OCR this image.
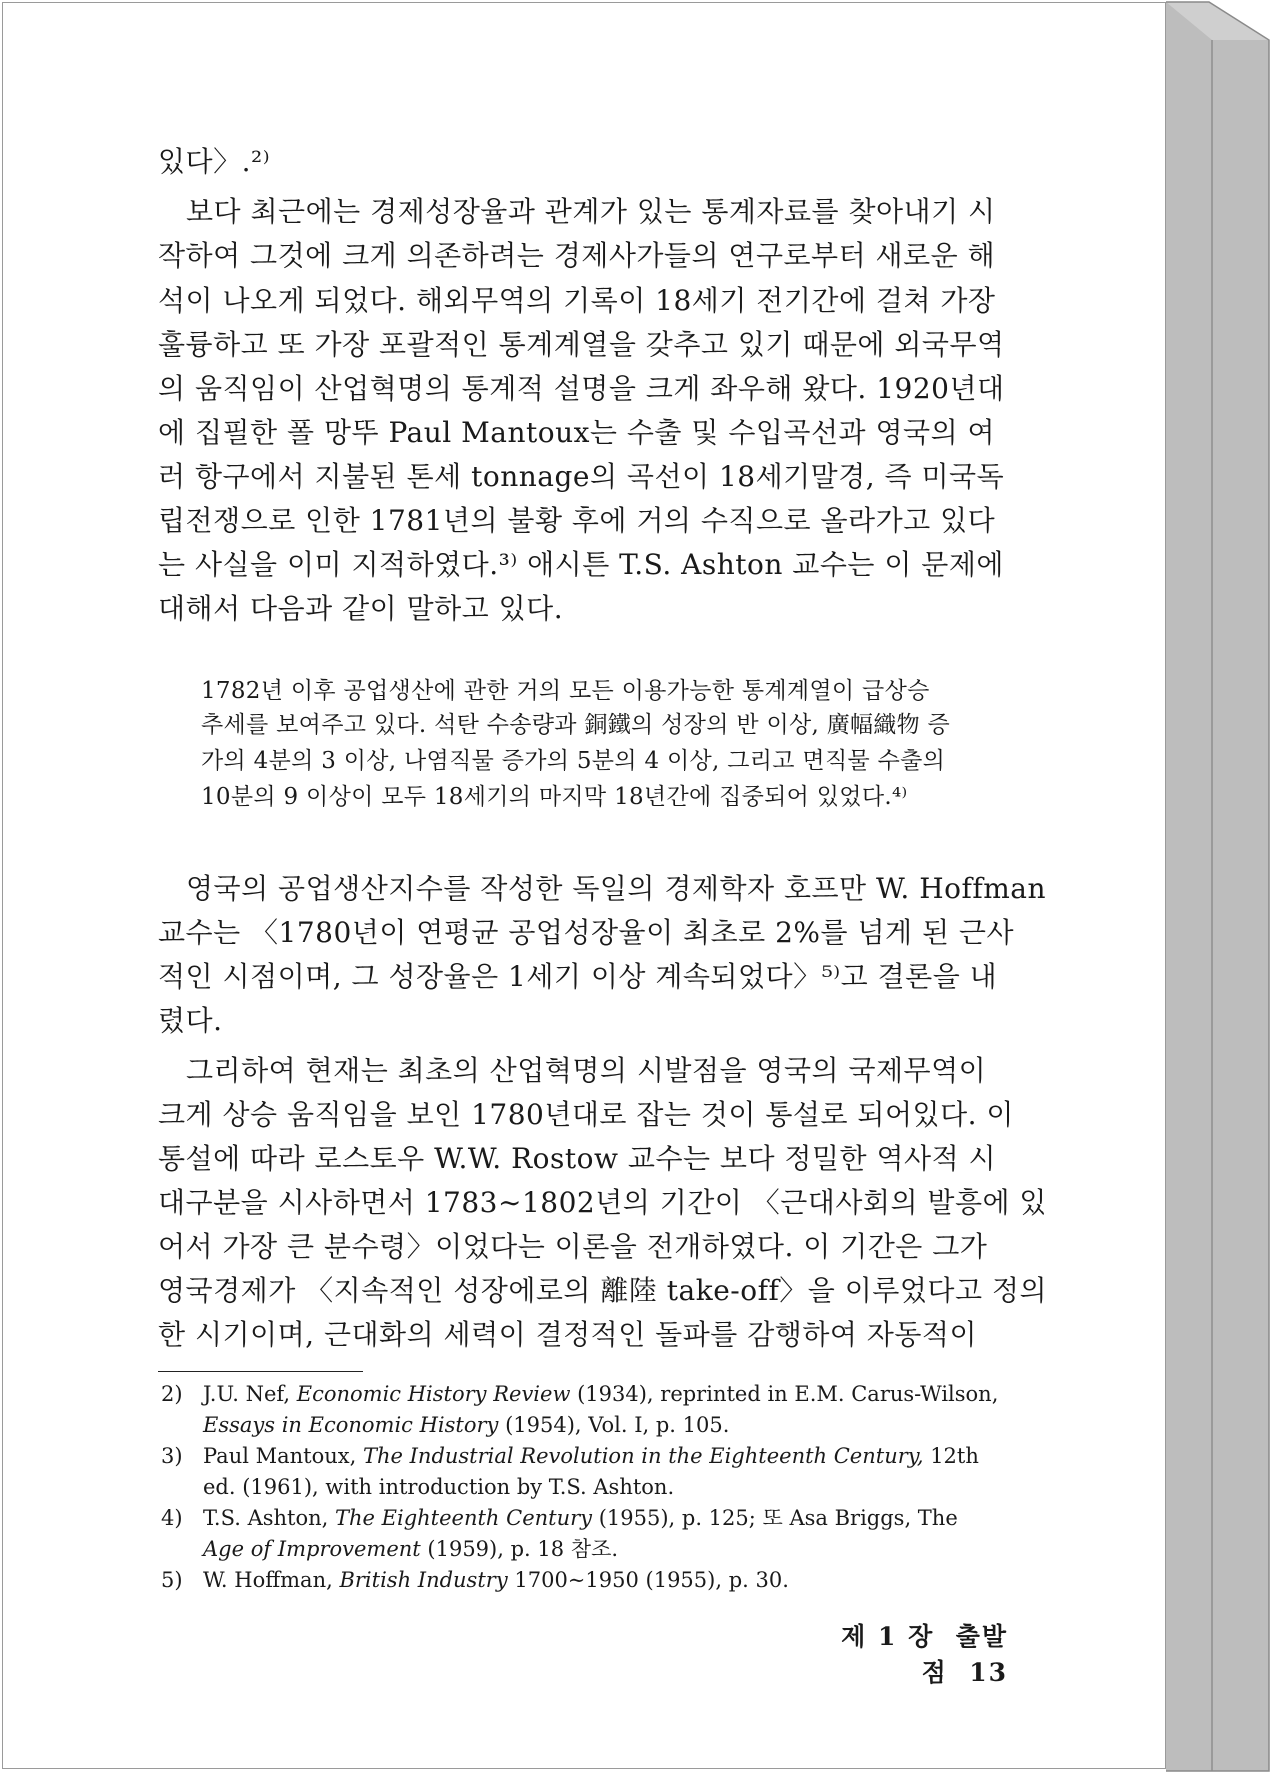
있다〉.²⁾
보다 최근에는 경제성장율과 관계가 있는 통계자료를 찾아내기 시
작하여 그것에 크게 의존하려는 경제사가들의 연구로부터 새로운 해
석이 나오게 되었다. 해외무역의 기록이 18세기 전기간에 걸쳐 가장
훌륭하고 또 가장 포괄적인 통계계열을 갖추고 있기 때문에 외국무역
의 움직임이 산업혁명의 통계적 설명을 크게 좌우해 왔다. 1920년대
에 집필한 폴 망뚜 Paul Mantoux는 수출 및 수입곡선과 영국의 여
러 항구에서 지불된 톤세 tonnage의 곡선이 18세기말경, 즉 미국독
립전쟁으로 인한 1781년의 불황 후에 거의 수직으로 올라가고 있다
는 사실을 이미 지적하였다.³⁾ 애시튼 T.S. Ashton 교수는 이 문제에
대해서 다음과 같이 말하고 있다.
1782년 이후 공업생산에 관한 거의 모든 이용가능한 통계계열이 급상승
추세를 보여주고 있다. 석탄 수송량과 銅鐵의 성장의 반 이상, 廣幅織物 증
가의 4분의 3 이상, 나염직물 증가의 5분의 4 이상, 그리고 면직물 수출의
10분의 9 이상이 모두 18세기의 마지막 18년간에 집중되어 있었다.⁴⁾
영국의 공업생산지수를 작성한 독일의 경제학자 호프만 W. Hoffman
교수는 〈1780년이 연평균 공업성장율이 최초로 2%를 넘게 된 근사
적인 시점이며, 그 성장율은 1세기 이상 계속되었다〉⁵⁾고 결론을 내
렸다.
그리하여 현재는 최초의 산업혁명의 시발점을 영국의 국제무역이
크게 상승 움직임을 보인 1780년대로 잡는 것이 통설로 되어있다. 이
통설에 따라 로스토우 W.W. Rostow 교수는 보다 정밀한 역사적 시
대구분을 시사하면서 1783∼1802년의 기간이 〈근대사회의 발흥에 있
어서 가장 큰 분수령〉이었다는 이론을 전개하였다. 이 기간은 그가
영국경제가 〈지속적인 성장에로의 離陸 take-off〉을 이루었다고 정의
한 시기이며, 근대화의 세력이 결정적인 돌파를 감행하여 자동적이
2) J.U. Nef, Economic History Review (1934), reprinted in E.M. Carus-Wilson,
Essays in Economic History (1954), Vol. Ⅰ, p. 105.
3) Paul Mantoux, The Industrial Revolution in the Eighteenth Century, 12th
ed. (1961), with introduction by T.S. Ashton.
4) T.S. Ashton, The Eighteenth Century (1955), p. 125; 또 Asa Briggs, The
Age of Improvement (1959), p. 18 참조.
5) W. Hoffman, British Industry 1700∼1950 (1955), p. 30.
제 1 장 출발점 13
